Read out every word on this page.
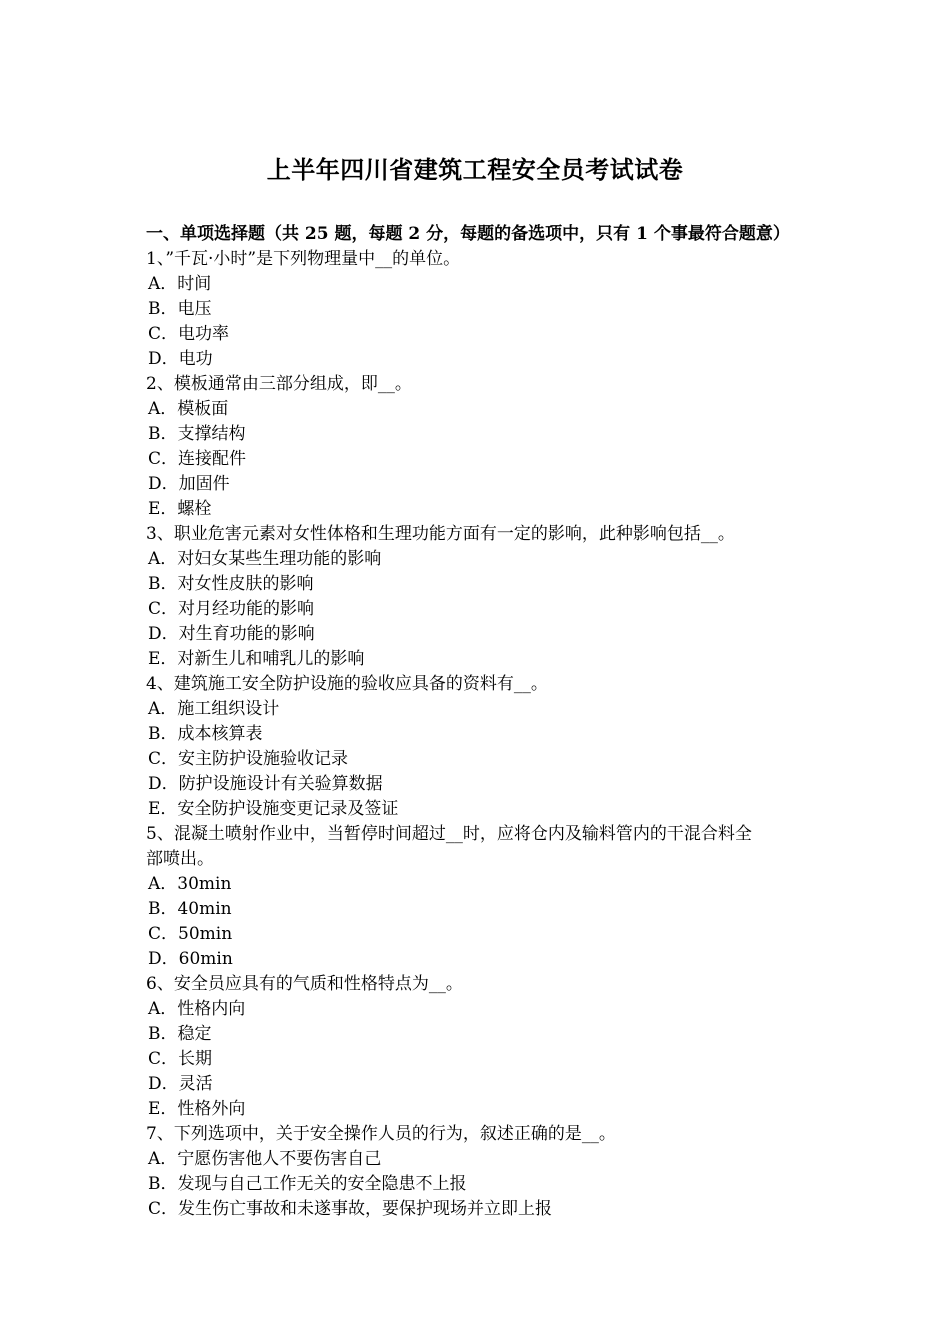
上半年四川省建筑工程安全员考试试卷
一、单项选择题（共 25 题，每题 2 分，每题的备选项中，只有 1 个事最符合题意）
1、”千瓦·小时”是下列物理量中__的单位。
A．时间
B．电压
C．电功率
D．电功
2、模板通常由三部分组成，即__。
A．模板面
B．支撑结构
C．连接配件
D．加固件
E．螺栓
3、职业危害元素对女性体格和生理功能方面有一定的影响，此种影响包括__。
A．对妇女某些生理功能的影响
B．对女性皮肤的影响
C．对月经功能的影响
D．对生育功能的影响
E．对新生儿和哺乳儿的影响
4、建筑施工安全防护设施的验收应具备的资料有__。
A．施工组织设计
B．成本核算表
C．安主防护设施验收记录
D．防护设施设计有关验算数据
E．安全防护设施变更记录及签证
5、混凝土喷射作业中，当暂停时间超过__时，应将仓内及输料管内的干混合料全
部喷出。
A．30min
B．40min
C．50min
D．60min
6、安全员应具有的气质和性格特点为__。
A．性格内向
B．稳定
C．长期
D．灵活
E．性格外向
7、下列选项中，关于安全操作人员的行为，叙述正确的是__。
A．宁愿伤害他人不要伤害自己
B．发现与自己工作无关的安全隐患不上报
C．发生伤亡事故和未遂事故，要保护现场并立即上报
